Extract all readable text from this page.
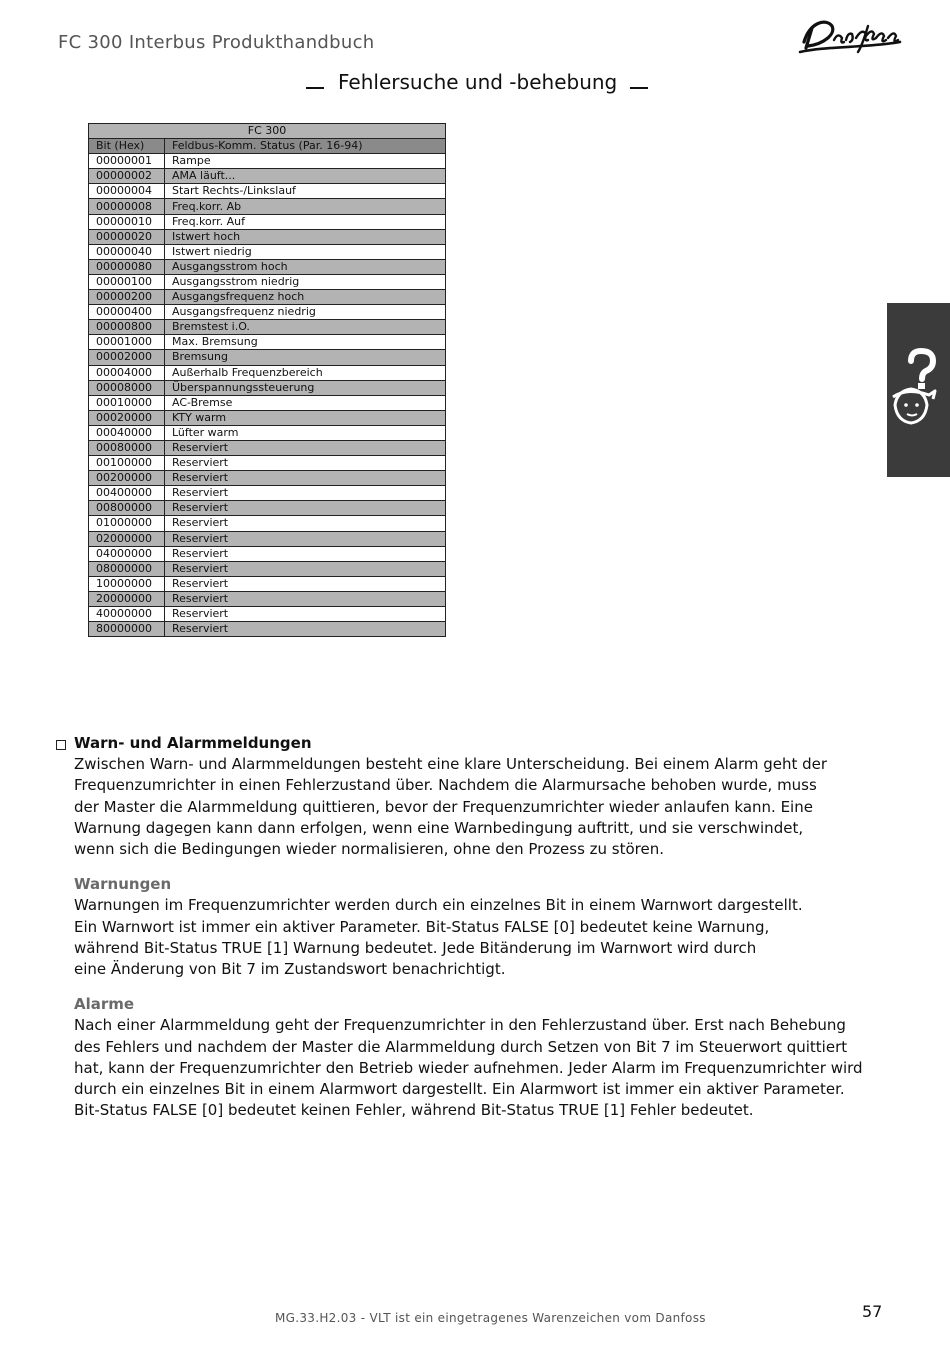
FC 300 Interbus Produkthandbuch
Fehlersuche und -behebung
FC 300	
Bit (Hex)	Feldbus-Komm. Status (Par. 16-94)
00000001	Rampe
00000002	AMA läuft...
00000004	Start Rechts-/Linkslauf
00000008	Freq.korr. Ab
00000010	Freq.korr. Auf
00000020	Istwert hoch
00000040	Istwert niedrig
00000080	Ausgangsstrom hoch
00000100	Ausgangsstrom niedrig
00000200	Ausgangsfrequenz hoch
00000400	Ausgangsfrequenz niedrig
00000800	Bremstest i.O.
00001000	Max. Bremsung
00002000	Bremsung
00004000	Außerhalb Frequenzbereich
00008000	Überspannungssteuerung
00010000	AC-Bremse
00020000	KTY warm
00040000	Lüfter warm
00080000	Reserviert
00100000	Reserviert
00200000	Reserviert
00400000	Reserviert
00800000	Reserviert
01000000	Reserviert
02000000	Reserviert
04000000	Reserviert
08000000	Reserviert
10000000	Reserviert
20000000	Reserviert
40000000	Reserviert
80000000	Reserviert
Warn- und Alarmmeldungen
Zwischen Warn- und Alarmmeldungen besteht eine klare Unterscheidung. Bei einem Alarm geht der
Frequenzumrichter in einen Fehlerzustand über. Nachdem die Alarmursache behoben wurde, muss
der Master die Alarmmeldung quittieren, bevor der Frequenzumrichter wieder anlaufen kann. Eine
Warnung dagegen kann dann erfolgen, wenn eine Warnbedingung auftritt, und sie verschwindet,
wenn sich die Bedingungen wieder normalisieren, ohne den Prozess zu stören.
Warnungen
Warnungen im Frequenzumrichter werden durch ein einzelnes Bit in einem Warnwort dargestellt.
Ein Warnwort ist immer ein aktiver Parameter. Bit-Status FALSE [0] bedeutet keine Warnung,
während Bit-Status TRUE [1] Warnung bedeutet. Jede Bitänderung im Warnwort wird durch
eine Änderung von Bit 7 im Zustandswort benachrichtigt.
Alarme
Nach einer Alarmmeldung geht der Frequenzumrichter in den Fehlerzustand über. Erst nach Behebung
des Fehlers und nachdem der Master die Alarmmeldung durch Setzen von Bit 7 im Steuerwort quittiert
hat, kann der Frequenzumrichter den Betrieb wieder aufnehmen. Jeder Alarm im Frequenzumrichter wird
durch ein einzelnes Bit in einem Alarmwort dargestellt. Ein Alarmwort ist immer ein aktiver Parameter.
Bit-Status FALSE [0] bedeutet keinen Fehler, während Bit-Status TRUE [1] Fehler bedeutet.
MG.33.H2.03 - VLT ist ein eingetragenes Warenzeichen vom Danfoss	57
